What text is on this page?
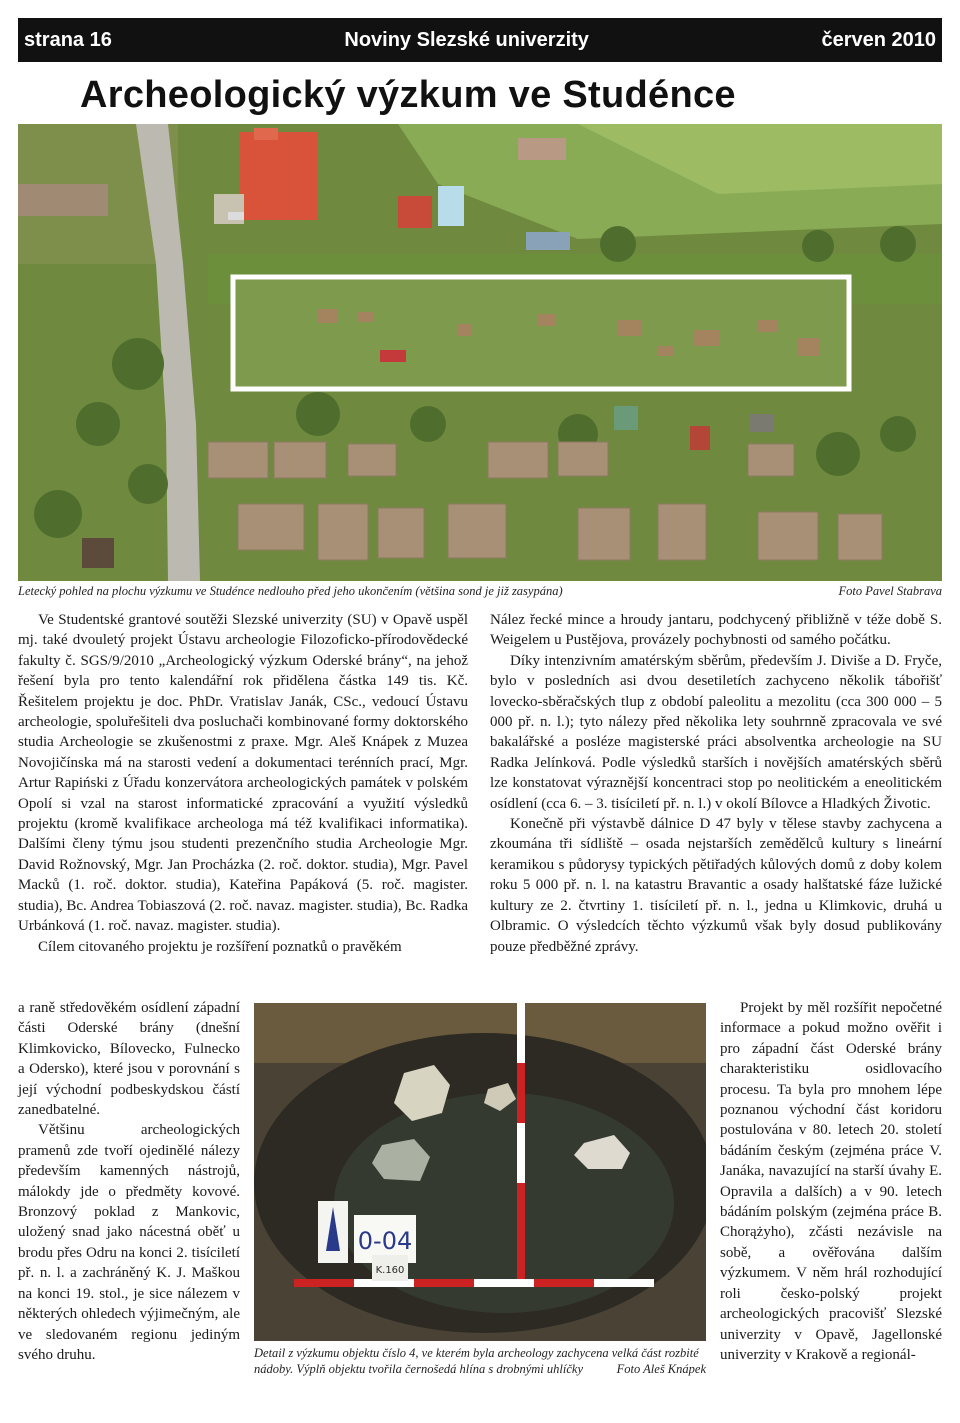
strana 16	Noviny Slezské univerzity	červen 2010
Archeologický výzkum ve Studénce
Letecký pohled na plochu výzkumu ve Studénce nedlouho před jeho ukončením (většina sond je již zasypána)	Foto Pavel Stabrava

Ve Studentské grantové soutěži Slezské univerzity (SU) v Opavě uspěl mj. také dvouletý projekt Ústavu archeologie Filozoficko-přírodovědecké fakulty č. SGS/9/2010 „Archeologický výzkum Oderské brány“, na jehož řešení byla pro tento kalendářní rok přidělena částka 149 tis. Kč. Řešitelem projektu je doc. PhDr. Vratislav Janák, CSc., vedoucí Ústavu archeologie, spoluřešiteli dva posluchači kombinované formy doktorského studia Archeologie se zkušenostmi z praxe. Mgr. Aleš Knápek z Muzea Novojičínska má na starosti vedení a dokumentaci terénních prací, Mgr. Artur Rapiński z Úřadu konzervátora archeologických památek v polském Opolí si vzal na starost informatické zpracování a využití výsledků projektu (kromě kvalifikace archeologa má též kvalifikaci informatika). Dalšími členy týmu jsou studenti prezenčního studia Archeologie Mgr. David Rožnovský, Mgr. Jan Procházka (2. roč. doktor. studia), Mgr. Pavel Macků (1. roč. doktor. studia), Kateřina Papáková (5. roč. magister. studia), Bc. Andrea Tobiaszová (2. roč. navaz. magister. studia), Bc. Radka Urbánková (1. roč. navaz. magister. studia).

Cílem citovaného projektu je rozšíření poznatků o pravěkém

a raně středověkém osídlení západní části Oderské brány (dnešní Klimkovicko, Bílovecko, Fulnecko a Odersko), které jsou v porovnání s její východní podbeskydskou částí zanedbatelné.

Většinu archeologických pramenů zde tvoří ojedinělé nálezy především kamenných nástrojů, málokdy jde o předměty kovové. Bronzový poklad z Mankovic, uložený snad jako nácestná oběť u brodu přes Odru na konci 2. tisíciletí př. n. l. a zachráněný K. J. Maškou na konci 19. stol., je sice nálezem v některých ohledech výjimečným, ale ve sledovaném regionu jediným svého druhu.

Nález řecké mince a hroudy jantaru, podchycený přibližně v téže době S. Weigelem u Pustějova, provázely pochybnosti od samého počátku.

Díky intenzivním amatérským sběrům, především J. Diviše a D. Fryče, bylo v posledních asi dvou desetiletích zachyceno několik tábořišť lovecko-sběračských tlup z období paleolitu a mezolitu (cca 300 000 – 5 000 př. n. l.); tyto nálezy před několika lety souhrnně zpracovala ve své bakalářské a posléze magisterské práci absolventka archeologie na SU Radka Jelínková. Podle výsledků starších i novějších amatérských sběrů lze konstatovat výraznější koncentraci stop po neolitickém a eneolitickém osídlení (cca 6. – 3. tisíciletí př. n. l.) v okolí Bílovce a Hladkých Životic.

Konečně při výstavbě dálnice D 47 byly v tělese stavby zachycena a zkoumána tři sídliště – osada nejstarších zemědělců kultury s lineární keramikou s půdorysy typických pětiřadých kůlových domů z doby kolem roku 5 000 př. n. l. na katastru Bravantic a osady halštatské fáze lužické kultury ze 2. čtvrtiny 1. tisíciletí př. n. l., jedna u Klimkovic, druhá u Olbramic. O výsledcích těchto výzkumů však byly dosud publikovány pouze předběžné zprávy.

Projekt by měl rozšířit nepočetné informace a pokud možno ověřit i pro západní část Oderské brány charakteristiku osidlovacího procesu. Ta byla pro mnohem lépe poznanou východní část koridoru postulována v 80. letech 20. století bádáním českým (zejména práce V. Janáka, navazující na starší úvahy E. Opravila a dalších) a v 90. letech bádáním polským (zejména práce B. Chorążyho), zčásti nezávisle na sobě, a ověřována dalším výzkumem. V něm hrál rozhodující roli česko-polský projekt archeologických pracovišť Slezské univerzity v Opavě, Jagellonské univerzity v Krakově a regionál-

0-04
K.160
Detail z výzkumu objektu číslo 4, ve kterém byla archeology zachycena velká část rozbité nádoby. Výplň objektu tvořila černošedá hlína s drobnými uhlíčky	Foto Aleš Knápek
